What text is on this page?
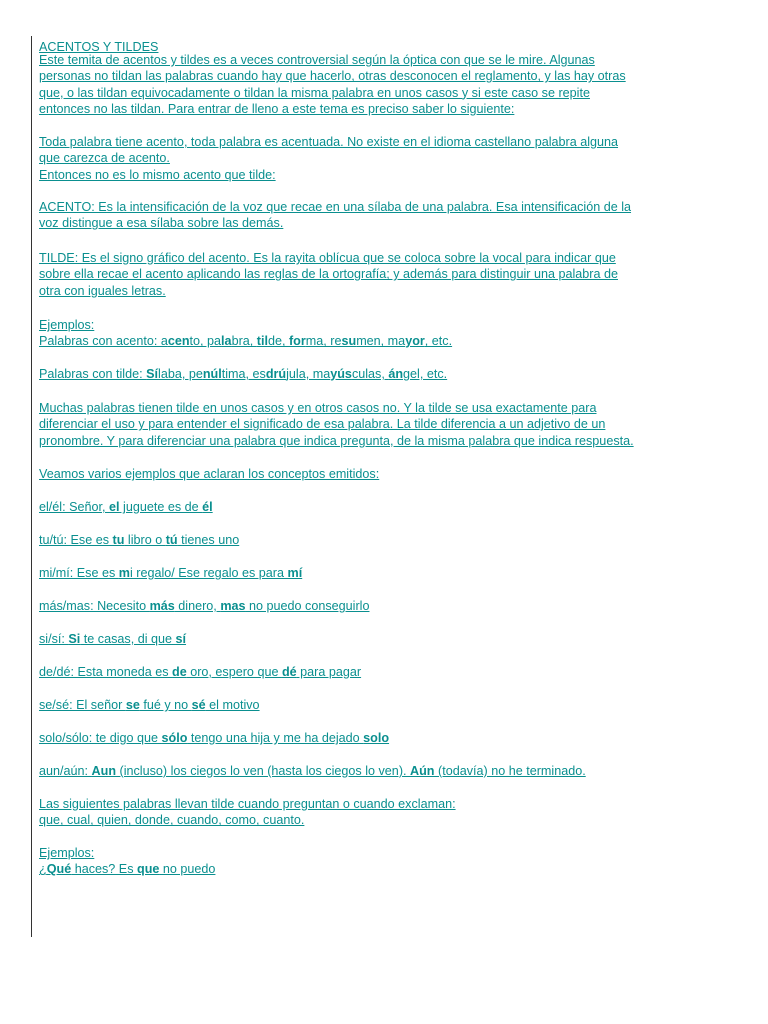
ACENTOS Y TILDES

Este temita de acentos y tildes es a veces controversial según la óptica con que se le mire. Algunas

personas no tildan las palabras cuando hay que hacerlo, otras desconocen el reglamento, y las hay otras

que, o las tildan equivocadamente o tildan la misma palabra en unos casos y si este caso se repite

entonces no las tildan. Para entrar de lleno a este tema es preciso saber lo siguiente:

Toda palabra tiene acento, toda palabra es acentuada. No existe en el idioma castellano palabra alguna

que carezca de acento.

Entonces no es lo mismo acento que tilde:

ACENTO: Es la intensificación de la voz que recae en una sílaba de una palabra. Esa intensificación de la

voz distingue a esa sílaba sobre las demás.

TILDE: Es el signo gráfico del acento. Es la rayita oblícua que se coloca sobre la vocal para indicar que

sobre ella recae el acento aplicando las reglas de la ortografía; y además para distinguir una palabra de

otra con iguales letras.

Ejemplos:

Palabras con acento: acento, palabra, tilde, forma, resumen, mayor, etc.

Palabras con tilde: Sílaba, penúltima, esdrújula, mayúsculas, ángel, etc.

Muchas palabras tienen tilde en unos casos y en otros casos no. Y la tilde se usa exactamente para

diferenciar el uso y para entender el significado de esa palabra. La tilde diferencia a un adjetivo de un

pronombre. Y para diferenciar una palabra que indica pregunta, de la misma palabra que indica respuesta.

Veamos varios ejemplos que aclaran los conceptos emitidos:

el/él: Señor, el juguete es de él

tu/tú: Ese es tu libro o tú tienes uno

mi/mí: Ese es mi regalo/ Ese regalo es para mí

más/mas: Necesito más dinero, mas no puedo conseguirlo

si/sí: Si te casas, di que sí

de/dé: Esta moneda es de oro, espero que dé para pagar

se/sé: El señor se fué y no sé el motivo

solo/sólo: te digo que sólo tengo una hija y me ha dejado solo

aun/aún: Aun (incluso) los ciegos lo ven (hasta los ciegos lo ven). Aún (todavía) no he terminado.

Las siguientes palabras llevan tilde cuando preguntan o cuando exclaman:

que, cual, quien, donde, cuando, como, cuanto.

Ejemplos:

¿Qué haces? Es que no puedo
